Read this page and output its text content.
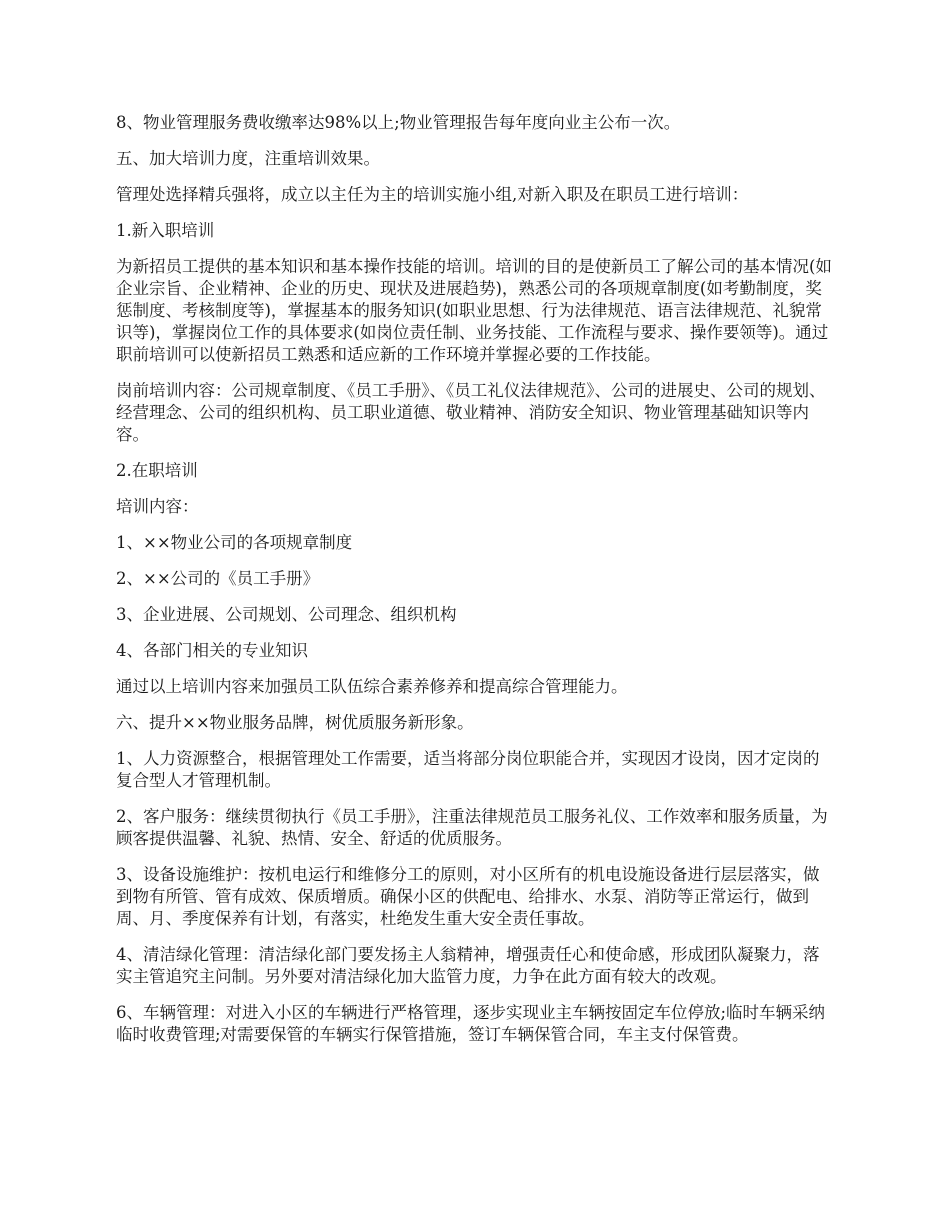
8、物业管理服务费收缴率达98%以上;物业管理报告每年度向业主公布一次。

五、加大培训力度，注重培训效果。

管理处选择精兵强将，成立以主任为主的培训实施小组,对新入职及在职员工进行培训：

1.新入职培训

为新招员工提供的基本知识和基本操作技能的培训。培训的目的是使新员工了解公司的基本情况(如企业宗旨、企业精神、企业的历史、现状及进展趋势)，熟悉公司的各项规章制度(如考勤制度，奖惩制度、考核制度等)，掌握基本的服务知识(如职业思想、行为法律规范、语言法律规范、礼貌常识等)，掌握岗位工作的具体要求(如岗位责任制、业务技能、工作流程与要求、操作要领等)。通过职前培训可以使新招员工熟悉和适应新的工作环境并掌握必要的工作技能。

岗前培训内容：公司规章制度、《员工手册》、《员工礼仪法律规范》、公司的进展史、公司的规划、经营理念、公司的组织机构、员工职业道德、敬业精神、消防安全知识、物业管理基础知识等内容。

2.在职培训

培训内容：

1、××物业公司的各项规章制度

2、××公司的《员工手册》

3、企业进展、公司规划、公司理念、组织机构

4、各部门相关的专业知识

通过以上培训内容来加强员工队伍综合素养修养和提高综合管理能力。

六、提升××物业服务品牌，树优质服务新形象。

1、人力资源整合，根据管理处工作需要，适当将部分岗位职能合并，实现因才设岗，因才定岗的复合型人才管理机制。

2、客户服务：继续贯彻执行《员工手册》，注重法律规范员工服务礼仪、工作效率和服务质量，为顾客提供温馨、礼貌、热情、安全、舒适的优质服务。

3、设备设施维护：按机电运行和维修分工的原则，对小区所有的机电设施设备进行层层落实，做到物有所管、管有成效、保质增质。确保小区的供配电、给排水、水泵、消防等正常运行，做到周、月、季度保养有计划，有落实，杜绝发生重大安全责任事故。

4、清洁绿化管理：清洁绿化部门要发扬主人翁精神，增强责任心和使命感，形成团队凝聚力，落实主管追究主问制。另外要对清洁绿化加大监管力度，力争在此方面有较大的改观。

6、车辆管理：对进入小区的车辆进行严格管理，逐步实现业主车辆按固定车位停放;临时车辆采纳临时收费管理;对需要保管的车辆实行保管措施，签订车辆保管合同，车主支付保管费。
